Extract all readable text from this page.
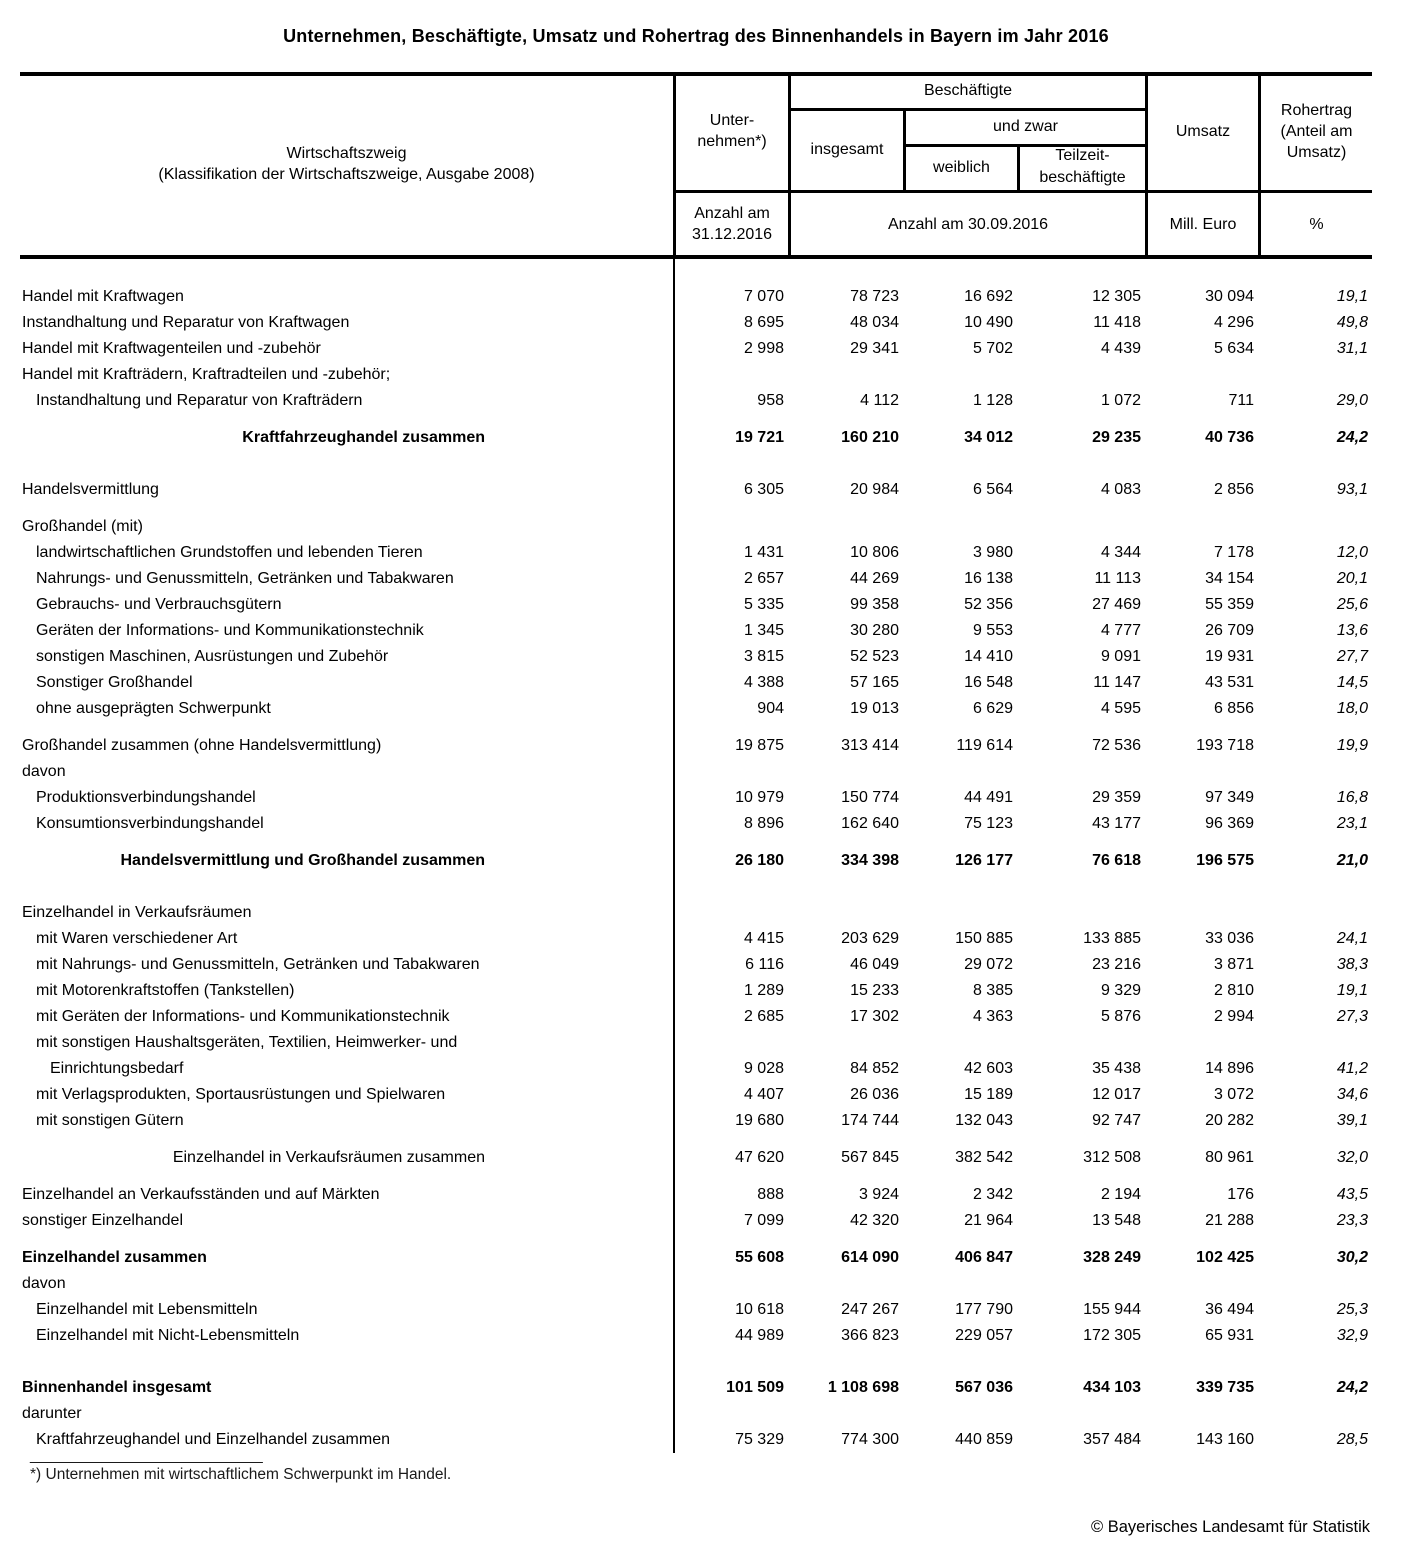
Unternehmen, Beschäftigte, Umsatz und Rohertrag des Binnenhandels in Bayern im Jahr 2016
Wirtschaftszweig
(Klassifikation der Wirtschaftszweige, Ausgabe 2008)
Unter-
nehmen*)
Beschäftigte
insgesamt
und zwar
weiblich
Teilzeit-
beschäftigte
Umsatz
Rohertrag
(Anteil am
Umsatz)
Anzahl am
31.12.2016
Anzahl am 30.09.2016	Mill. Euro	%
Handel mit Kraftwagen	7 070	78 723	16 692	12 305	30 094	19,1
Instandhaltung und Reparatur von Kraftwagen	8 695	48 034	10 490	11 418	4 296	49,8
Handel mit Kraftwagenteilen und -zubehör	2 998	29 341	5 702	4 439	5 634	31,1
Handel mit Krafträdern, Kraftradteilen und -zubehör;
Instandhaltung und Reparatur von Krafträdern	958	4 112	1 128	1 072	711	29,0
Kraftfahrzeughandel zusammen	19 721	160 210	34 012	29 235	40 736	24,2
Handelsvermittlung	6 305	20 984	6 564	4 083	2 856	93,1
Großhandel (mit)
landwirtschaftlichen Grundstoffen und lebenden Tieren	1 431	10 806	3 980	4 344	7 178	12,0
Nahrungs- und Genussmitteln, Getränken und Tabakwaren	2 657	44 269	16 138	11 113	34 154	20,1
Gebrauchs- und Verbrauchsgütern	5 335	99 358	52 356	27 469	55 359	25,6
Geräten der Informations- und Kommunikationstechnik	1 345	30 280	9 553	4 777	26 709	13,6
sonstigen Maschinen, Ausrüstungen und Zubehör	3 815	52 523	14 410	9 091	19 931	27,7
Sonstiger Großhandel	4 388	57 165	16 548	11 147	43 531	14,5
ohne ausgeprägten Schwerpunkt	904	19 013	6 629	4 595	6 856	18,0
Großhandel zusammen (ohne Handelsvermittlung)	19 875	313 414	119 614	72 536	193 718	19,9
davon
Produktionsverbindungshandel	10 979	150 774	44 491	29 359	97 349	16,8
Konsumtionsverbindungshandel	8 896	162 640	75 123	43 177	96 369	23,1
Handelsvermittlung und Großhandel zusammen	26 180	334 398	126 177	76 618	196 575	21,0
Einzelhandel in Verkaufsräumen
mit Waren verschiedener Art	4 415	203 629	150 885	133 885	33 036	24,1
mit Nahrungs- und Genussmitteln, Getränken und Tabakwaren	6 116	46 049	29 072	23 216	3 871	38,3
mit Motorenkraftstoffen (Tankstellen)	1 289	15 233	8 385	9 329	2 810	19,1
mit Geräten der Informations- und Kommunikationstechnik	2 685	17 302	4 363	5 876	2 994	27,3
mit sonstigen Haushaltsgeräten, Textilien, Heimwerker- und
Einrichtungsbedarf	9 028	84 852	42 603	35 438	14 896	41,2
mit Verlagsprodukten, Sportausrüstungen und Spielwaren	4 407	26 036	15 189	12 017	3 072	34,6
mit sonstigen Gütern	19 680	174 744	132 043	92 747	20 282	39,1
Einzelhandel in Verkaufsräumen zusammen	47 620	567 845	382 542	312 508	80 961	32,0
Einzelhandel an Verkaufsständen und auf Märkten	888	3 924	2 342	2 194	176	43,5
sonstiger Einzelhandel	7 099	42 320	21 964	13 548	21 288	23,3
Einzelhandel zusammen	55 608	614 090	406 847	328 249	102 425	30,2
davon
Einzelhandel mit Lebensmitteln	10 618	247 267	177 790	155 944	36 494	25,3
Einzelhandel mit Nicht-Lebensmitteln	44 989	366 823	229 057	172 305	65 931	32,9
Binnenhandel insgesamt	101 509	1 108 698	567 036	434 103	339 735	24,2
darunter
Kraftfahrzeughandel und Einzelhandel zusammen	75 329	774 300	440 859	357 484	143 160	28,5
___________________________
*) Unternehmen mit wirtschaftlichem Schwerpunkt im Handel.
© Bayerisches Landesamt für Statistik
